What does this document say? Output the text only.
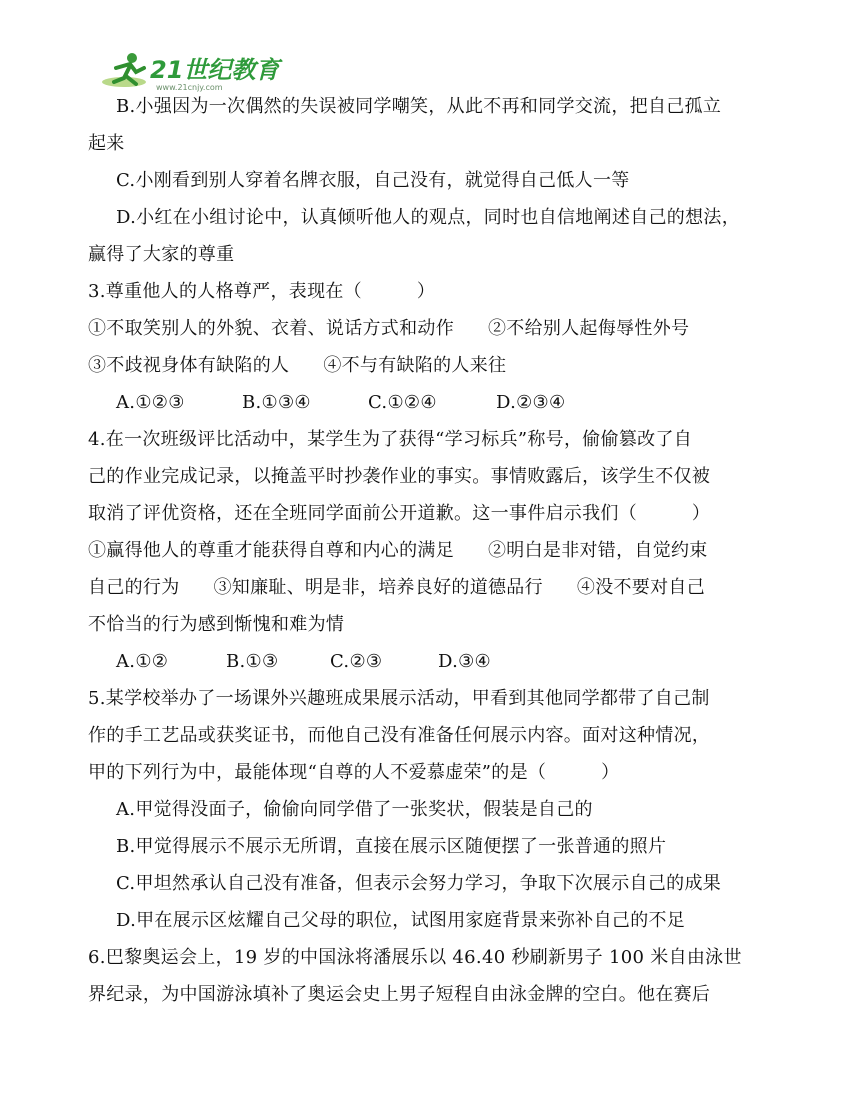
21世纪教育
www.21cnjy.com
B.小强因为一次偶然的失误被同学嘲笑，从此不再和同学交流，把自己孤立
起来
C.小刚看到别人穿着名牌衣服，自己没有，就觉得自己低人一等
D.小红在小组讨论中，认真倾听他人的观点，同时也自信地阐述自己的想法，
赢得了大家的尊重
3.尊重他人的人格尊严，表现在（　　　）
①不取笑别人的外貌、衣着、说话方式和动作 ②不给别人起侮辱性外号
③不歧视身体有缺陷的人 ④不与有缺陷的人来往
A.①②③	B.①③④	C.①②④	D.②③④
4.在一次班级评比活动中，某学生为了获得“学习标兵”称号，偷偷篡改了自
己的作业完成记录，以掩盖平时抄袭作业的事实。事情败露后，该学生不仅被
取消了评优资格，还在全班同学面前公开道歉。这一事件启示我们（　　　）
①赢得他人的尊重才能获得自尊和内心的满足 ②明白是非对错，自觉约束
自己的行为 ③知廉耻、明是非，培养良好的道德品行 ④没不要对自己
不恰当的行为感到惭愧和难为情
A.①②	B.①③	C.②③	D.③④
5.某学校举办了一场课外兴趣班成果展示活动，甲看到其他同学都带了自己制
作的手工艺品或获奖证书，而他自己没有准备任何展示内容。面对这种情况，
甲的下列行为中，最能体现“自尊的人不爱慕虚荣”的是（　　　）
A.甲觉得没面子，偷偷向同学借了一张奖状，假装是自己的
B.甲觉得展示不展示无所谓，直接在展示区随便摆了一张普通的照片
C.甲坦然承认自己没有准备，但表示会努力学习，争取下次展示自己的成果
D.甲在展示区炫耀自己父母的职位，试图用家庭背景来弥补自己的不足
6.巴黎奥运会上，19 岁的中国泳将潘展乐以 46.40 秒刷新男子 100 米自由泳世
界纪录，为中国游泳填补了奥运会史上男子短程自由泳金牌的空白。他在赛后
